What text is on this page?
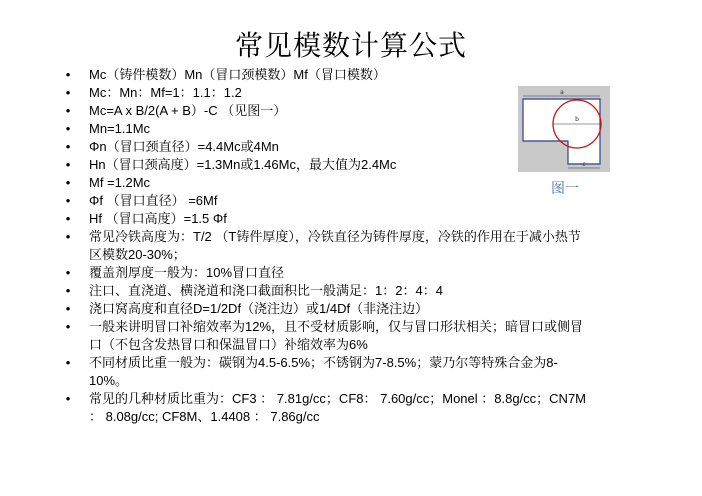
常见模数计算公式
• Mc（铸件模数）Mn（冒口颈模数）Mf（冒口模数）
• Mc：Mn：Mf=1：1.1：1.2
• Mc=A x B/2(A + B）-C （见图一）
• Mn=1.1Mc
• Φn（冒口颈直径）=4.4Mc或4Mn
• Hn（冒口颈高度）=1.3Mn或1.46Mc，最大值为2.4Mc
• Mf =1.2Mc
• Φf （冒口直径） =6Mf
• Hf （冒口高度）=1.5 Φf
• 常见冷铁高度为：T/2 （T铸件厚度），冷铁直径为铸件厚度，冷铁的作用在于减小热节区模数20-30%；
• 覆盖剂厚度一般为：10%冒口直径
• 注口、直浇道、横浇道和浇口截面积比一般满足：1：2：4：4
• 浇口窝高度和直径D=1/2Df（浇注边）或1/4Df（非浇注边）
• 一般来讲明冒口补缩效率为12%，且不受材质影响，仅与冒口形状相关；暗冒口或侧冒口（不包含发热冒口和保温冒口）补缩效率为6%
• 不同材质比重一般为：碳钢为4.5-6.5%；不锈钢为7-8.5%；蒙乃尔等特殊合金为8-10%。
• 常见的几种材质比重为：CF3 ： 7.81g/cc；CF8： 7.60g/cc；Monel ：8.8g/cc；CN7M ： 8.08g/cc; CF8M、1.4408 ： 7.86g/cc
a
b
c
图一
